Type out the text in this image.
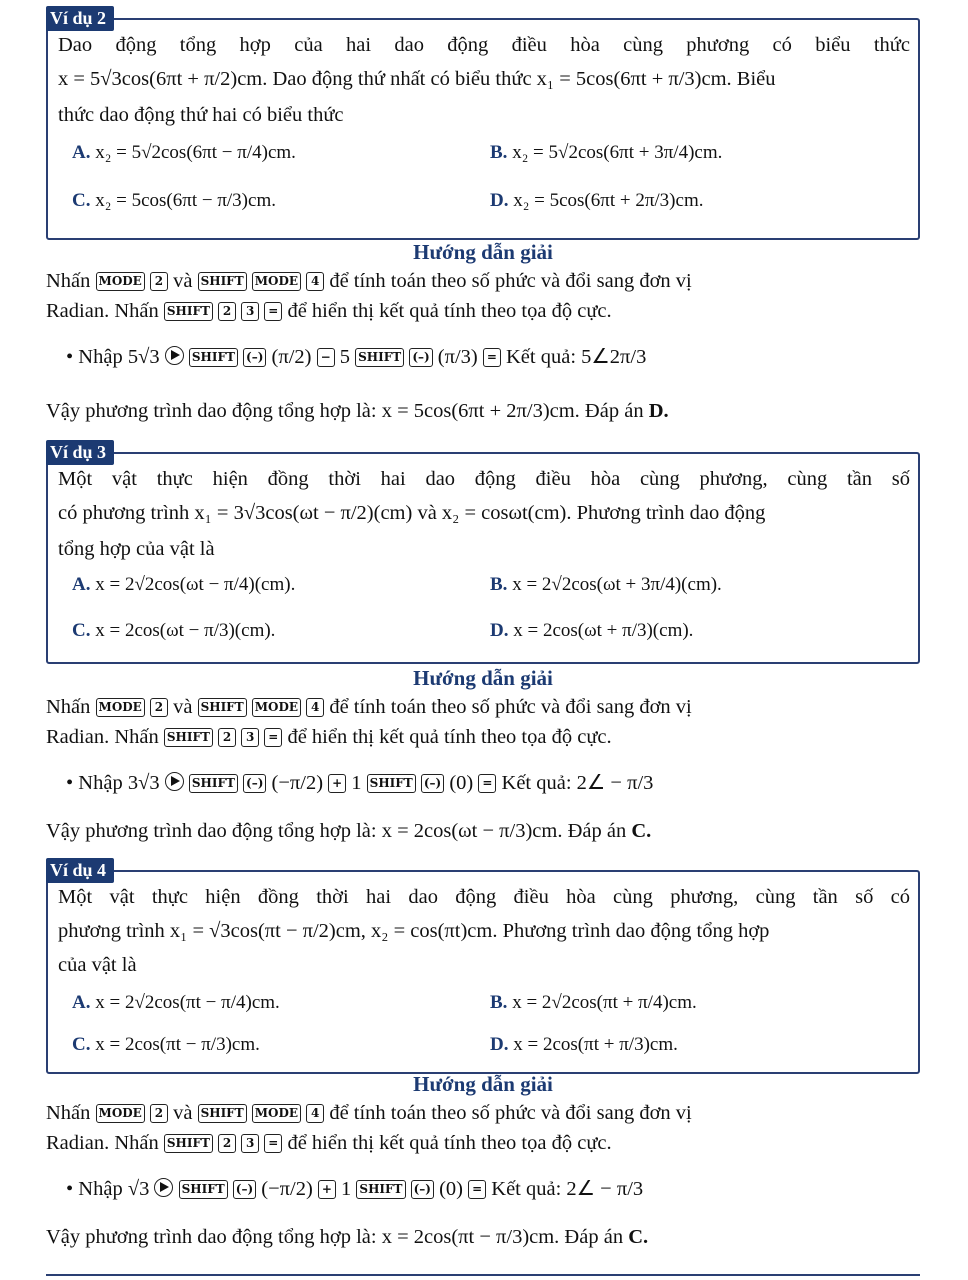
Ví dụ 2
Dao động tổng hợp của hai dao động điều hòa cùng phương có biểu thức
x = 5√3cos(6πt + π/2)cm. Dao động thứ nhất có biểu thức x₁ = 5cos(6πt + π/3)cm. Biểu
thức dao động thứ hai có biểu thức
A. x₂ = 5√2cos(6πt − π/4)cm.	B. x₂ = 5√2cos(6πt + 3π/4)cm.
C. x₂ = 5cos(6πt − π/3)cm.	D. x₂ = 5cos(6πt + 2π/3)cm.
Hướng dẫn giải
Nhấn MODE 2 và SHIFT MODE 4 để tính toán theo số phức và đổi sang đơn vị
Radian. Nhấn SHIFT 2 3 = để hiển thị kết quả tính theo tọa độ cực.
• Nhập 5√3	SHIFT (–) (π/2) − 5 SHIFT (–) (π/3) = Kết quả: 5∠2π/3
Vậy phương trình dao động tổng hợp là: x = 5cos(6πt + 2π/3)cm. Đáp án D.
Ví dụ 3
Một vật thực hiện đồng thời hai dao động điều hòa cùng phương, cùng tần số
có phương trình x₁ = 3√3cos(ωt − π/2)(cm) và x₂ = cosωt(cm). Phương trình dao động
tổng hợp của vật là
A. x = 2√2cos(ωt − π/4)(cm).	B. x = 2√2cos(ωt + 3π/4)(cm).
C. x = 2cos(ωt − π/3)(cm).	D. x = 2cos(ωt + π/3)(cm).
Hướng dẫn giải
Nhấn MODE 2 và SHIFT MODE 4 để tính toán theo số phức và đổi sang đơn vị
Radian. Nhấn SHIFT 2 3 = để hiển thị kết quả tính theo tọa độ cực.
• Nhập 3√3	SHIFT (–) (−π/2) + 1 SHIFT (–) (0) = Kết quả: 2∠ − π/3
Vậy phương trình dao động tổng hợp là: x = 2cos(ωt − π/3)cm. Đáp án C.
Ví dụ 4
Một vật thực hiện đồng thời hai dao động điều hòa cùng phương, cùng tần số có
phương trình x₁ = √3cos(πt − π/2)cm, x₂ = cos(πt)cm. Phương trình dao động tổng hợp
của vật là
A. x = 2√2cos(πt − π/4)cm.	B. x = 2√2cos(πt + π/4)cm.
C. x = 2cos(πt − π/3)cm.	D. x = 2cos(πt + π/3)cm.
Hướng dẫn giải
Nhấn MODE 2 và SHIFT MODE 4 để tính toán theo số phức và đổi sang đơn vị
Radian. Nhấn SHIFT 2 3 = để hiển thị kết quả tính theo tọa độ cực.
• Nhập √3	SHIFT (–) (−π/2) + 1 SHIFT (–) (0) = Kết quả: 2∠ − π/3
Vậy phương trình dao động tổng hợp là: x = 2cos(πt − π/3)cm. Đáp án C.
